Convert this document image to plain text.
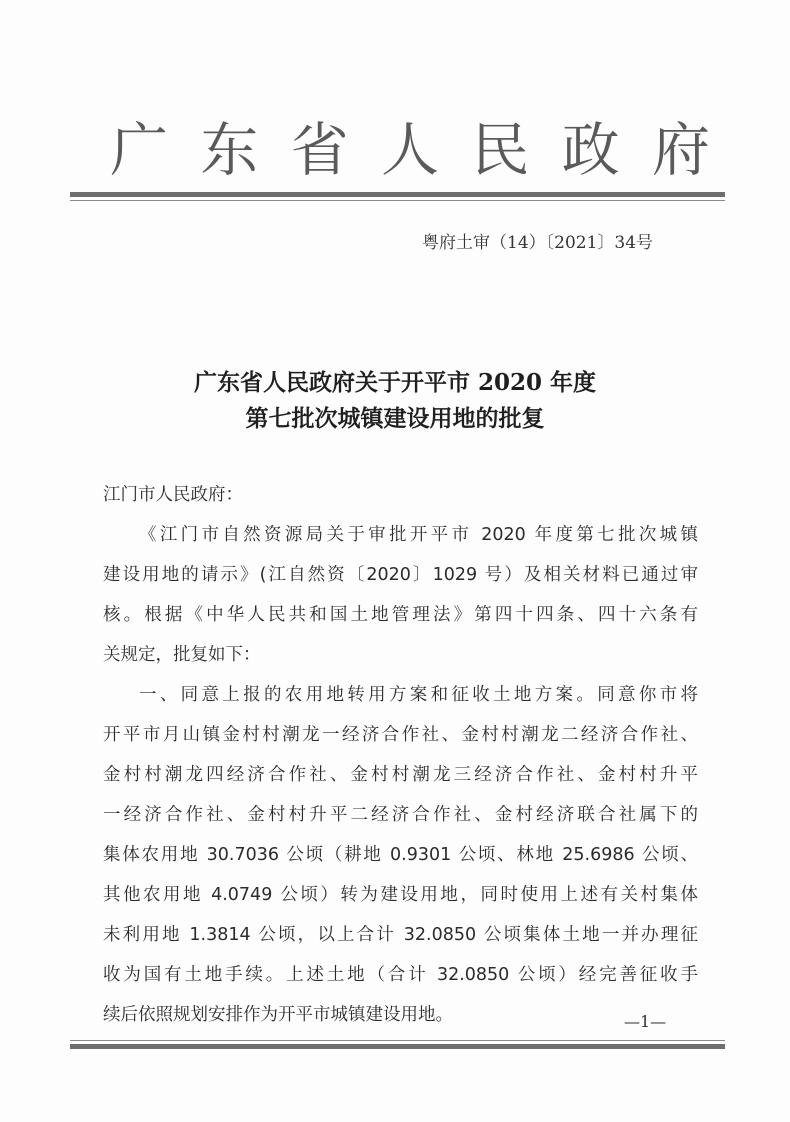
广 东 省 人 民 政 府
粤府土审（14）〔2021〕34号
广东省人民政府关于开平市 2020 年度
第七批次城镇建设用地的批复
江门市人民政府：
《江门市自然资源局关于审批开平市 2020 年度第七批次城镇
建设用地的请示》(江自然资〔2020〕1029 号）及相关材料已通过审
核。根据《中华人民共和国土地管理法》第四十四条、四十六条有
关规定，批复如下：
一、同意上报的农用地转用方案和征收土地方案。同意你市将
开平市月山镇金村村潮龙一经济合作社、金村村潮龙二经济合作社、
金村村潮龙四经济合作社、金村村潮龙三经济合作社、金村村升平
一经济合作社、金村村升平二经济合作社、金村经济联合社属下的
集体农用地 30.7036 公顷（耕地 0.9301 公顷、林地 25.6986 公顷、
其他农用地 4.0749 公顷）转为建设用地，同时使用上述有关村集体
未利用地 1.3814 公顷，以上合计 32.0850 公顷集体土地一并办理征
收为国有土地手续。上述土地（合计 32.0850 公顷）经完善征收手
续后依照规划安排作为开平市城镇建设用地。	—1—
